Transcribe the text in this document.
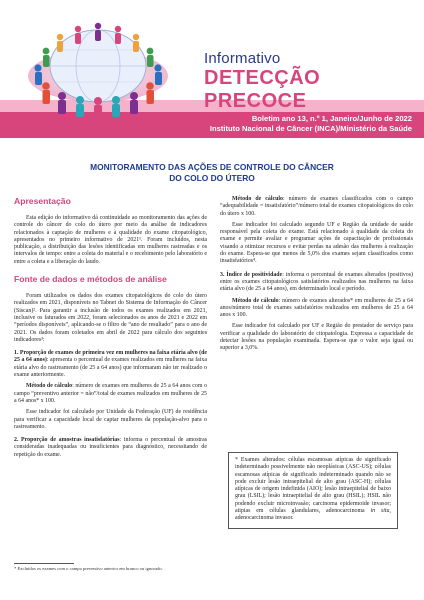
Informativo
DETECÇÃO PRECOCE
Boletim ano 13, n.º 1, Janeiro/Junho de 2022
Instituto Nacional de Câncer (INCA)/Ministério da Saúde
MONITORAMENTO DAS AÇÕES DE CONTROLE DO CÂNCER
DO COLO DO ÚTERO
Apresentação

Esta edição do informativo dá continuidade ao monitoramento das ações de controle do câncer do colo do útero por meio da análise de indicadores relacionados à captação de mulheres e à qualidade do exame citopatológico, apresentados no primeiro informativo de 2021¹. Foram incluídos, nesta publicação, a distribuição das lesões identificadas em mulheres rastreadas e os intervalos de tempo: entre a coleta do material e o recebimento pelo laboratório e entre a coleta e a liberação do laudo.

Fonte de dados e métodos de análise

Foram utilizados os dados dos exames citopatológicos do colo do útero realizados em 2021, disponíveis no Tabnet do Sistema de Informação do Câncer (Siscan)². Para garantir a inclusão de todos os exames realizados em 2021, inclusive os faturados em 2022, foram selecionados os anos de 2021 e 2022 em “períodos disponíveis”, aplicando-se o filtro de “ano de resultado” para o ano de 2021. Os dados foram coletados em abril de 2022 para cálculo dos seguintes indicadores³:

1. Proporção de exames de primeira vez em mulheres na faixa etária alvo (de 25 a 64 anos): apresenta o percentual de exames realizados em mulheres na faixa etária alvo do rastreamento (de 25 a 64 anos) que informaram não ter realizado o exame anteriormente.

Método de cálculo: número de exames em mulheres de 25 a 64 anos com o campo “preventivo anterior = não”/total de exames realizados em mulheres de 25 a 64 anos* x 100.

Esse indicador foi calculado por Unidade da Federação (UF) de residência para verificar a capacidade local de captar mulheres da população-alvo para o rastreamento.

2. Proporção de amostras insatisfatórias: informa o percentual de amostras consideradas inadequadas ou insuficientes para diagnóstico, necessitando de repetição do exame.

Método de cálculo: número de exames classificados com o campo “adequabilidade = insatisfatório”/número total de exames citopatológicos do colo do útero x 100.

Esse indicador foi calculado segundo UF e Região da unidade de saúde responsável pela coleta do exame. Está relacionado à qualidade da coleta do exame e permite avaliar e programar ações de capacitação de profissionais visando a otimizar recursos e evitar perdas na adesão das mulheres à realização do exame. Espera-se que menos de 5,0% dos exames sejam classificados como insatisfatórios⁴.

3. Índice de positividade: informa o percentual de exames alterados (positivos) entre os exames citopatológicos satisfatórios realizados nas mulheres na faixa etária alvo (de 25 a 64 anos), em determinado local e período.

Método de cálculo: número de exames alterados* em mulheres de 25 a 64 anos/número total de exames satisfatórios realizados em mulheres de 25 a 64 anos x 100.

Esse indicador foi calculado por UF e Região do prestador de serviço para verificar a qualidade do laboratório de citopatologia. Expressa a capacidade de detectar lesões na população examinada. Espera-se que o valor seja igual ou superior a 3,0%.

* Exames alterados: células escamosas atípicas de significado indeterminado possivelmente não neoplásicas (ASC-US); células escamosas atípicas de significado indeterminado quando não se pode excluir lesão intraepitelial de alto grau (ASC-H); células atípicas de origem indefinida (AIO); lesão intraepitelial de baixo grau (LSIL); lesão intraepitelial de alto grau (HSIL); HSIL não podendo excluir microinvasão; carcinoma epidermoide invasor; atipias em células glandulares, adenocarcinoma in situ, adenocarcinoma invasor.
* Excluídos os exames com o campo preventivo anterior em branco ou ignorado.
